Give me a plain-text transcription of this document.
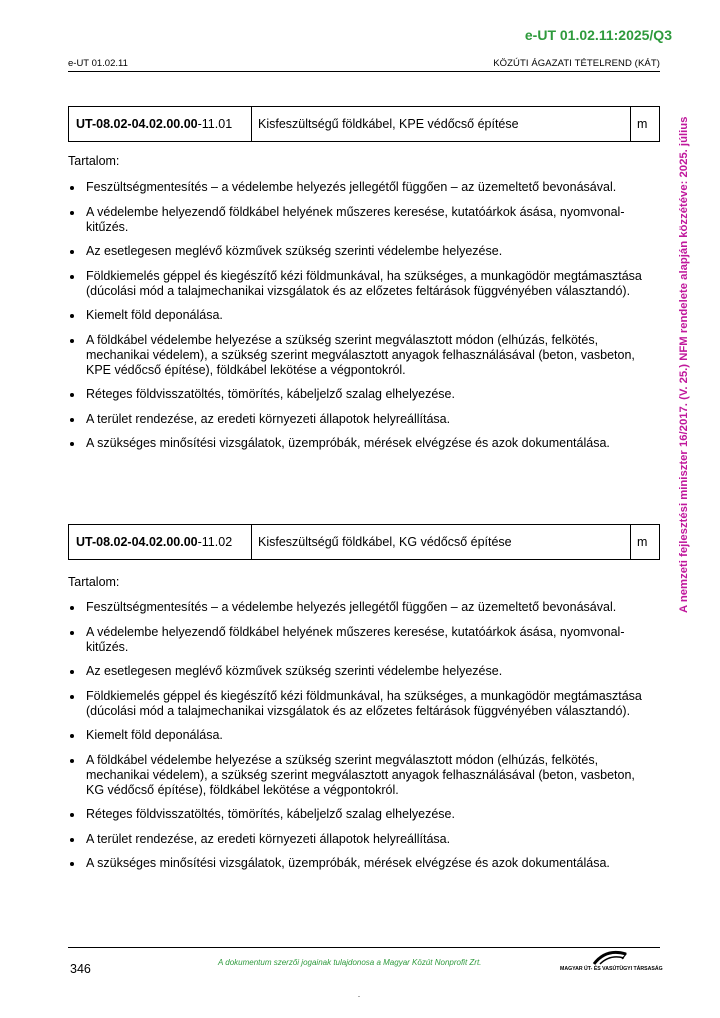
e-UT 01.02.11:2025/Q3
e-UT 01.02.11	KÖZÚTI ÁGAZATI TÉTELREND (KÁT)
A nemzeti fejlesztési miniszter 16/2017. (V. 25.) NFM rendelete alapján közzétéve: 2025. július
UT-08.02-04.02.00.00 -11.01	Kisfeszültségű földkábel, KPE védőcső építése	m
Tartalom:
Feszültségmentesítés – a védelembe helyezés jellegétől függően – az üzemeltető bevonásával.
A védelembe helyezendő földkábel helyének műszeres keresése, kutatóárkok ásása, nyomvonal-kitűzés.
Az esetlegesen meglévő közművek szükség szerinti védelembe helyezése.
Földkiemelés géppel és kiegészítő kézi földmunkával, ha szükséges, a munkagödör megtámasztása (dúcolási mód a talajmechanikai vizsgálatok és az előzetes feltárások függvényében választandó).
Kiemelt föld deponálása.
A földkábel védelembe helyezése a szükség szerint megválasztott módon (elhúzás, felkötés, mechanikai védelem), a szükség szerint megválasztott anyagok felhasználásával (beton, vasbeton, KPE védőcső építése), földkábel lekötése a végpontokról.
Réteges földvisszatöltés, tömörítés, kábeljelző szalag elhelyezése.
A terület rendezése, az eredeti környezeti állapotok helyreállítása.
A szükséges minősítési vizsgálatok, üzempróbák, mérések elvégzése és azok dokumentálása.
UT-08.02-04.02.00.00 -11.02	Kisfeszültségű földkábel, KG védőcső építése	m
Tartalom:
Feszültségmentesítés – a védelembe helyezés jellegétől függően – az üzemeltető bevonásával.
A védelembe helyezendő földkábel helyének műszeres keresése, kutatóárkok ásása, nyomvonal-kitűzés.
Az esetlegesen meglévő közművek szükség szerinti védelembe helyezése.
Földkiemelés géppel és kiegészítő kézi földmunkával, ha szükséges, a munkagödör megtámasztása (dúcolási mód a talajmechanikai vizsgálatok és az előzetes feltárások függvényében választandó).
Kiemelt föld deponálása.
A földkábel védelembe helyezése a szükség szerint megválasztott módon (elhúzás, felkötés, mechanikai védelem), a szükség szerint megválasztott anyagok felhasználásával (beton, vasbeton, KG védőcső építése), földkábel lekötése a végpontokról.
Réteges földvisszatöltés, tömörítés, kábeljelző szalag elhelyezése.
A terület rendezése, az eredeti környezeti állapotok helyreállítása.
A szükséges minősítési vizsgálatok, üzempróbák, mérések elvégzése és azok dokumentálása.
346	A dokumentum szerzői jogainak tulajdonosa a Magyar Közút Nonprofit Zrt.
MAGYAR ÚT- ÉS VASÚTÜGYI TÁRSASÁG
